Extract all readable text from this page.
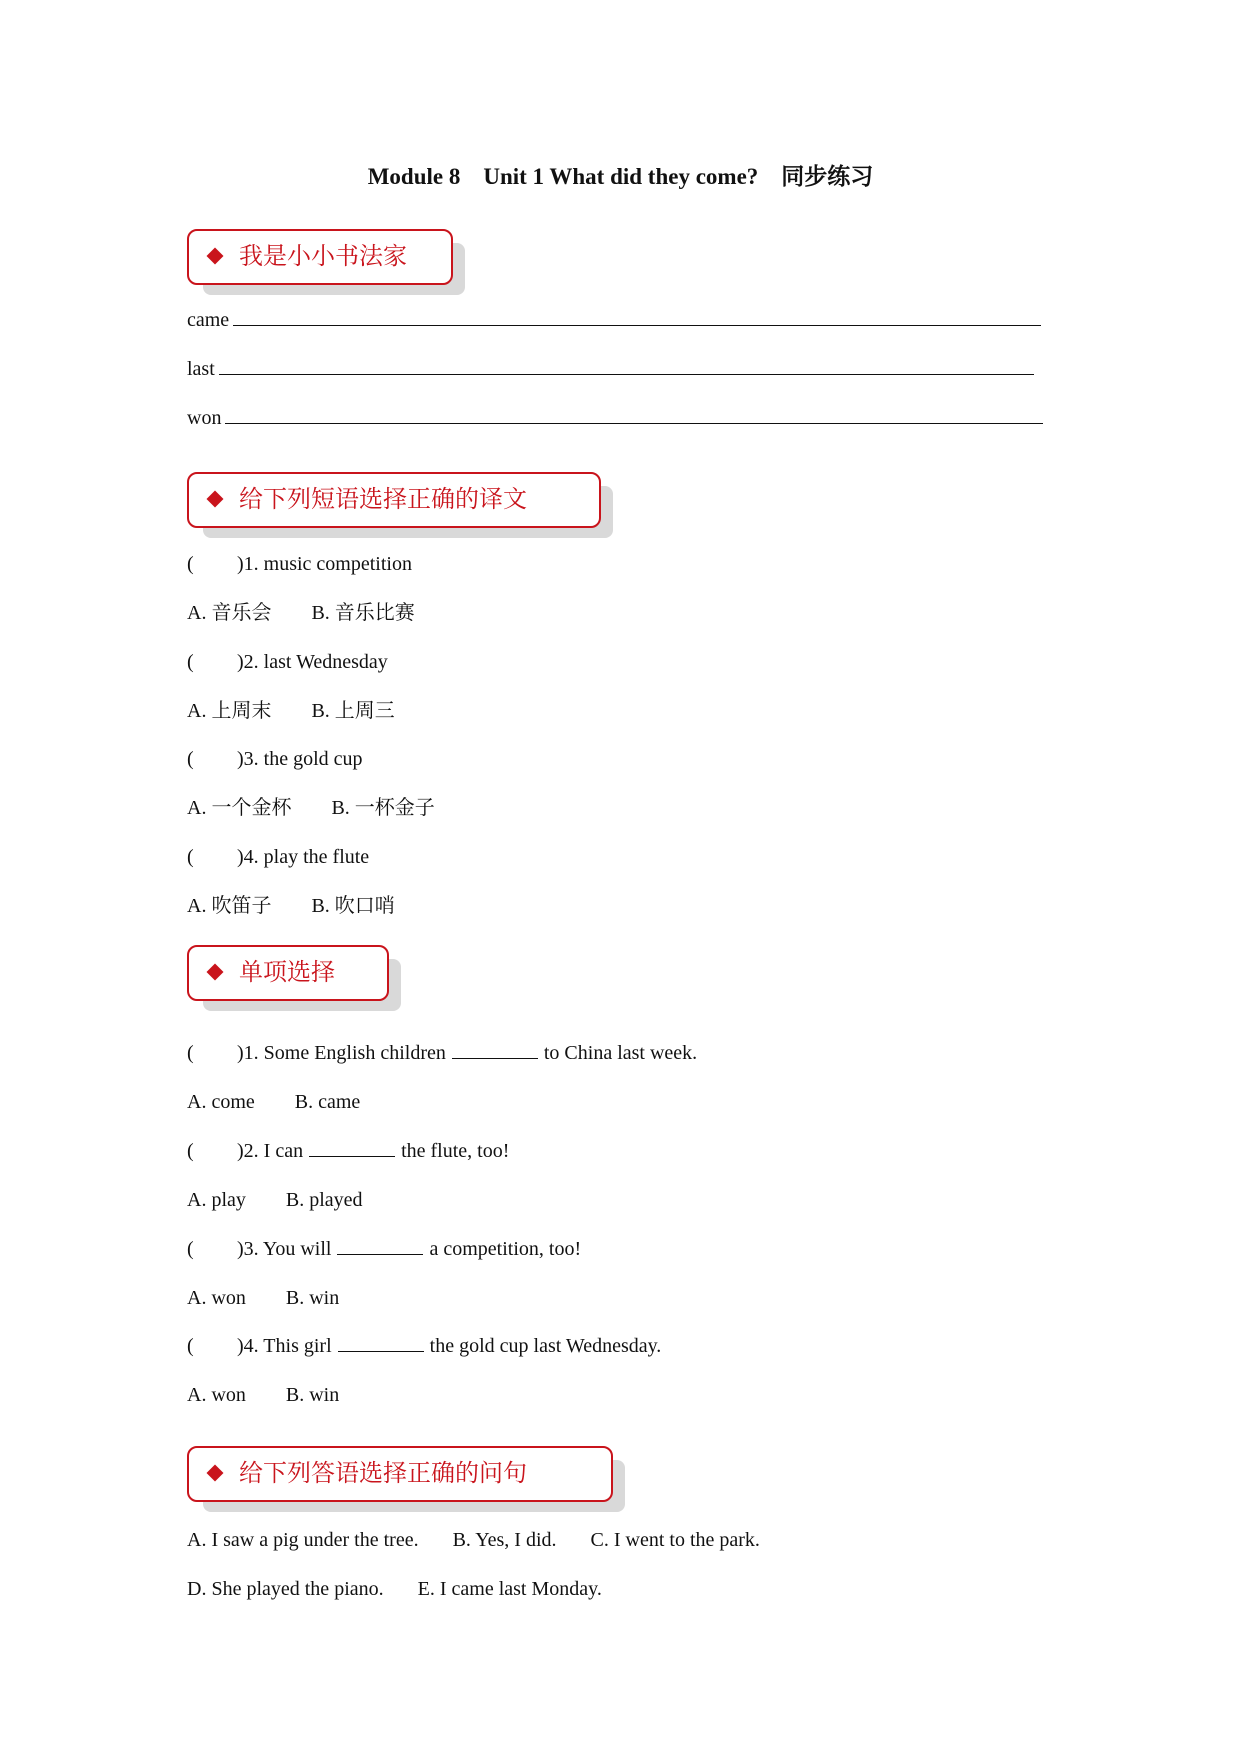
Module 8    Unit 1 What did they come?    同步练习
我是小小书法家
came
last
won
给下列短语选择正确的译文
( )1. music competition
A. 音乐会 B. 音乐比赛
( )2. last Wednesday
A. 上周末 B. 上周三
( )3. the gold cup
A. 一个金杯 B. 一杯金子
( )4. play the flute
A. 吹笛子 B. 吹口哨
单项选择
( )1. Some English children	to China last week.
A. come B. came
( )2. I can	the flute, too!
A. play B. played
( )3. You will	a competition, too!
A. won B. win
( )4. This girl	the gold cup last Wednesday.
A. won B. win
给下列答语选择正确的问句
A. I saw a pig under the tree. B. Yes, I did. C. I went to the park.
D. She played the piano. E. I came last Monday.
